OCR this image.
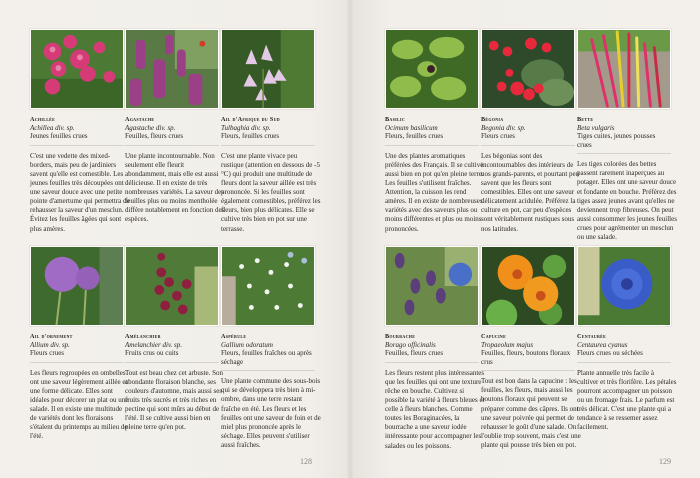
Achillée
Achillea div. sp.
Jeunes feuilles crues
C'est une vedette des mixed-borders, mais peu de jardiniers savent qu'elle est comestible. Les jeunes feuilles très découpées ont une saveur douce avec une petite pointe d'amertume qui permettra de rehausser la saveur d'un mesclun. Évitez les feuilles âgées qui sont plus amères.
Agastache
Agastache div. sp.
Feuilles, fleurs crues
Une plante incontournable. Non seulement elle fleurit abondamment, mais elle est aussi délicieuse. Il en existe de très nombreuses variétés. La saveur des feuilles plus ou moins mentholée diffère notablement en fonction des espèces.
Ail d'Afrique du Sud
Tulbaghia div. sp.
Fleurs, feuilles crues
C'est une plante vivace peu rustique (attention en dessous de -5 °C) qui produit une multitude de fleurs dont la saveur aillée est très prononcée. Si les feuilles sont également comestibles, préférez les fleurs, bien plus délicates. Elle se cultive très bien en pot sur une terrasse.
Ail d'ornement
Allium div. sp.
Fleurs crues
Les fleurs regroupées en ombelles ont une saveur légèrement aillée et une forme délicate. Elles sont idéales pour décorer un plat ou une salade. Il en existe une multitude de variétés dont les floraisons s'étalent du printemps au milieu de l'été.
Amélanchier
Amelanchier div. sp.
Fruits crus ou cuits
Tout est beau chez cet arbuste. Son abondante floraison blanche, ses couleurs d'automne, mais aussi ses fruits très sucrés et très riches en pectine qui sont mûrs au début de l'été. Il se cultive aussi bien en pleine terre qu'en pot.
Aspérule
Gallium odoratum
Fleurs, feuilles fraîches ou après séchage
Une plante commune des sous-bois qui se développera très bien à mi-ombre, dans une terre restant fraîche en été. Les fleurs et les feuilles ont une saveur de foin et de miel plus prononcée après le séchage. Elles peuvent s'utiliser aussi fraîches.
128
Basilic
Ocimum basilicum
Fleurs, feuilles crues
Une des plantes aromatiques préférées des Français. Il se cultive aussi bien en pot qu'en pleine terre. Les feuilles s'utilisent fraîches. Attention, la cuisson les rend amères. Il en existe de nombreuses variétés avec des saveurs plus ou moins différentes et plus ou moins prononcées.
Bégonia
Begonia div. sp.
Fleurs crues
Les bégonias sont des incontournables des intérieurs de nos grands-parents, et pourtant peu savent que les fleurs sont comestibles. Elles ont une saveur délicatement acidulée. Préférez la culture en pot, car peu d'espèces sont véritablement rustiques sous nos latitudes.
Bette
Beta vulgaris
Tiges cuites, jeunes pousses crues
Les tiges colorées des bettes passent rarement inaperçues au potager. Elles ont une saveur douce et fondante en bouche. Préférez des tiges assez jeunes avant qu'elles ne deviennent trop fibreuses. On peut aussi consommer les jeunes feuilles crues pour agrémenter un mesclun ou une salade.
Bourrache
Borago officinalis
Feuilles, fleurs crues
Les fleurs restent plus intéressantes que les feuilles qui ont une texture rêche en bouche. Cultivez si possible la variété à fleurs bleues et celle à fleurs blanches. Comme toutes les Boraginacées, la bourrache a une saveur iodée intéressante pour accompagner les salades ou les poissons.
Capucine
Tropaeolum majus
Feuilles, fleurs, boutons floraux crus
Tout est bon dans la capucine : les feuilles, les fleurs, mais aussi les boutons floraux qui peuvent se préparer comme des câpres. Ils ont une saveur poivrée qui permet de rehausser le goût d'une salade. On l'oublie trop souvent, mais c'est une plante qui pousse très bien en pot.
Centaurée
Centaurea cyanus
Fleurs crues ou séchées
Plante annuelle très facile à cultiver et très florifère. Les pétales pourront accompagner un poisson ou un fromage frais. Le parfum est très délicat. C'est une plante qui a tendance à se ressemer assez facilement.
129
